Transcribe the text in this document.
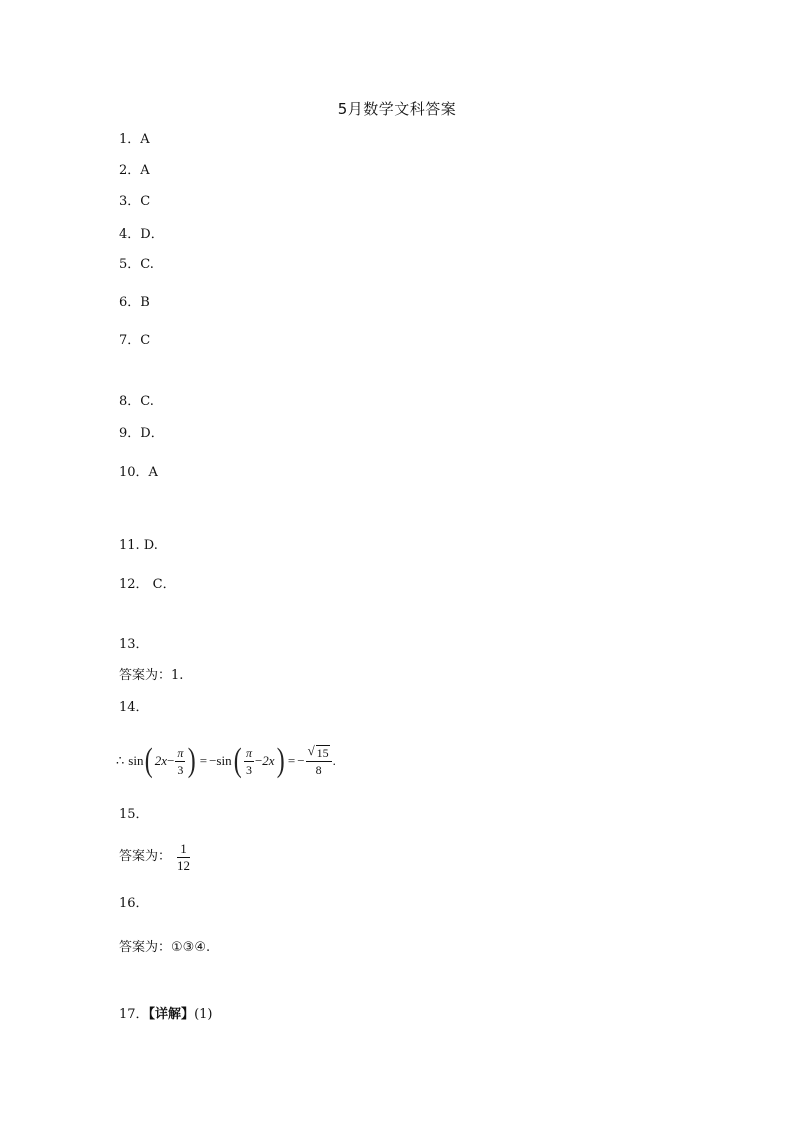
5月数学文科答案
1．A
2．A
3．C
4．D．
5．C.
6．B
7．C
8．C.
9．D．
10．A
11. D.
12． C．
13．
答案为：1.
14．
∴ sin ( $2x - \frac{\pi}{3}$ ) = −sin ( $\frac{\pi}{3} - 2x$ ) = − $\frac{√ 15}{8}$ .
15．
答案为： $\frac{1}{12}$
16．
答案为：①③④.
17．【详解】(1)
